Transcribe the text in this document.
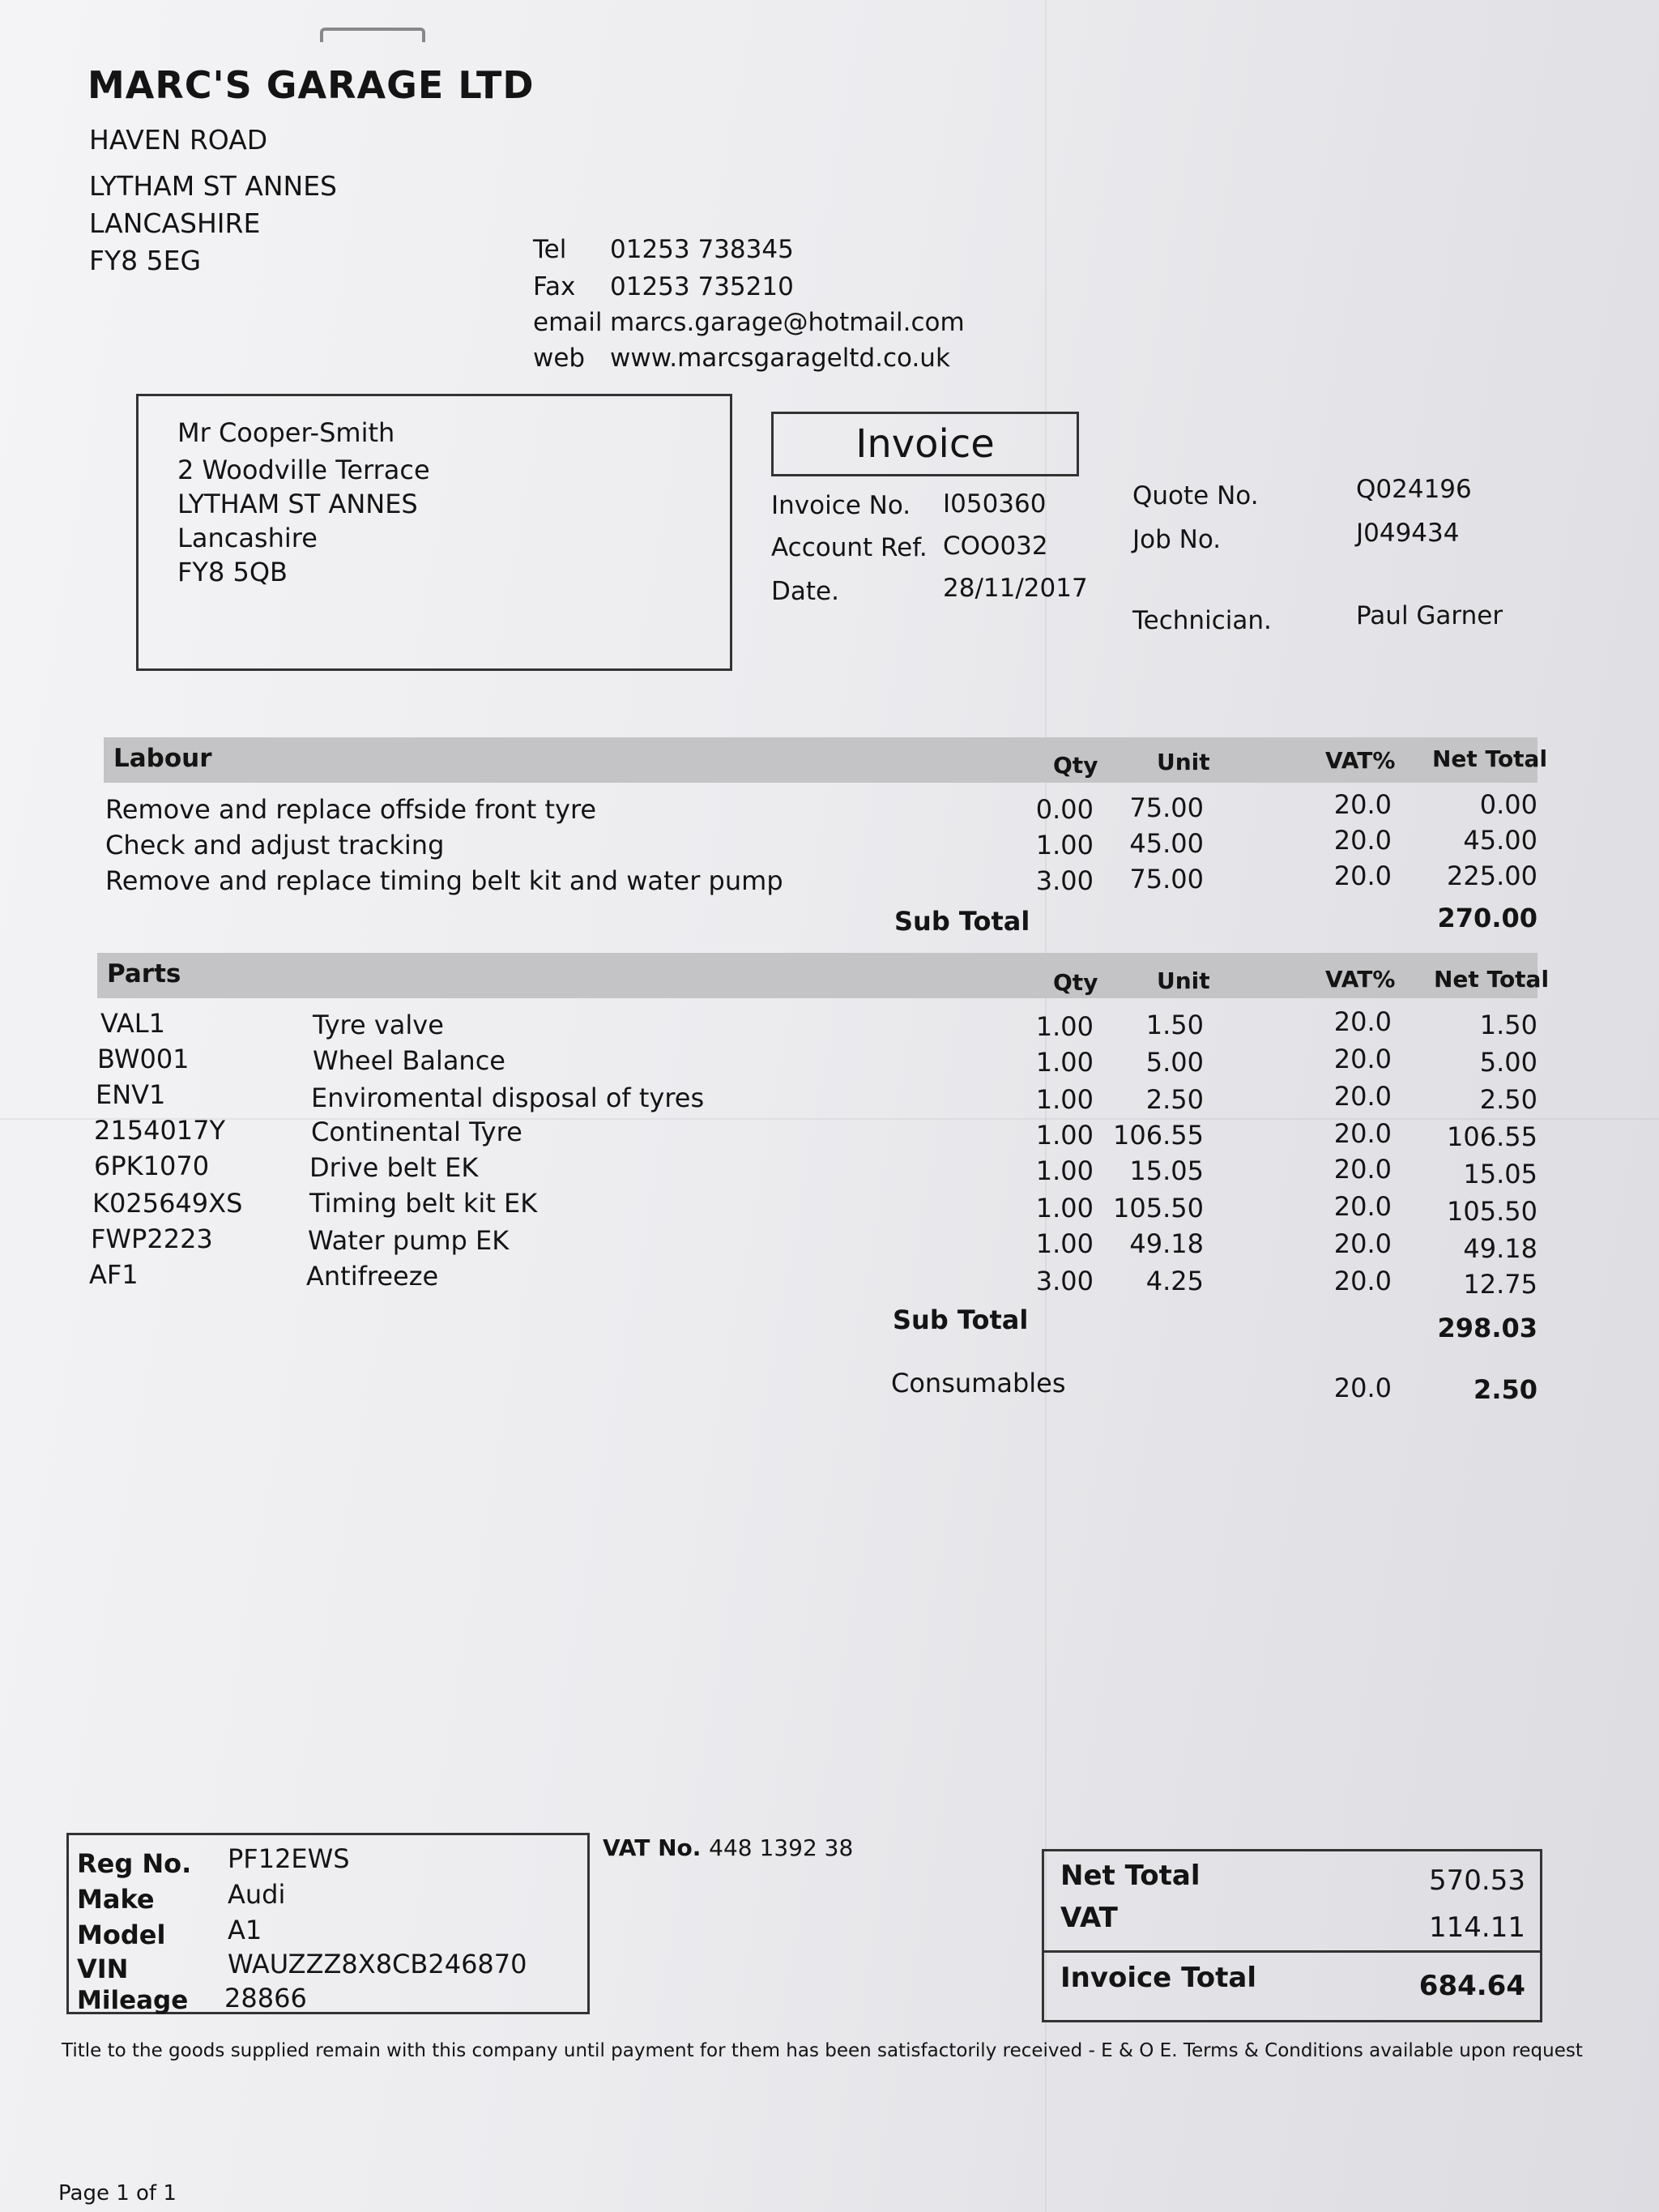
MARC'S GARAGE LTD
HAVEN ROAD
LYTHAM ST ANNES
LANCASHIRE
FY8 5EG	Tel 01253 738345
Fax 01253 735210
email marcs.garage@hotmail.com
web www.marcsgarageltd.co.uk
Mr Cooper-Smith
2 Woodville Terrace
LYTHAM ST ANNES
Lancashire
FY8 5QB
Invoice
Invoice No. I050360
Account Ref. COO032
Date.	28/11/2017
Quote No.	Q024196
Job No.	J049434
Technician.	Paul Garner
Labour	Qty	Unit	VAT% Net Total
Remove and replace offside front tyre	0.00	75.00	20.0	0.00
Check and adjust tracking	1.00	45.00	20.0	45.00
Remove and replace timing belt kit and water pump	3.00	75.00	20.0	225.00
Sub Total	270.00
Parts	Qty	Unit	VAT% Net Total
VAL1	Tyre valve	1.00	1.50	20.0	1.50
BW001	Wheel Balance	1.00	5.00	20.0	5.00
ENV1	Enviromental disposal of tyres	1.00	2.50	20.0	2.50
2154017Y	Continental Tyre	1.00 106.55	20.0	106.55
6PK1070	Drive belt EK	1.00	15.05	20.0	15.05
K025649XS	Timing belt kit EK	1.00 105.50	20.0	105.50
FWP2223	Water pump EK	1.00	49.18	20.0	49.18
AF1	Antifreeze	3.00	4.25	20.0	12.75
Sub Total	298.03
Consumables	20.0	2.50
Reg No. PF12EWS
Make	Audi
Model A1
VIN	WAUZZZ8X8CB246870
Mileage 28866
VAT No. 448 1392 38
Net Total	570.53
VAT	114.11
Invoice Total	684.64
Title to the goods supplied remain with this company until payment for them has been satisfactorily received - E & O E. Terms & Conditions available upon request
Page 1 of 1
